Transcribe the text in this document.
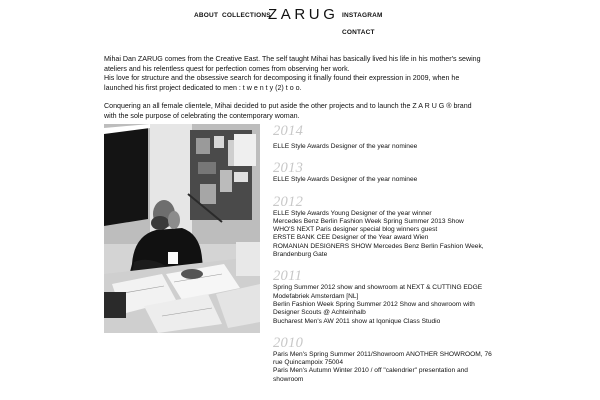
ABOUT COLLECTIONS
ZARUG INSTAGRAM
CONTACT

Mihai Dan ZARUG comes from the Creative East. The self taught Mihai has basically lived his life in his mother's sewing
ateliers and his relentless quest for perfection comes from observing her work.
His love for structure and the obsessive search for decomposing it finally found their expression in 2009, when he
launched his first project dedicated to men : t w e n t y (2) t o o.

Conquering an all female clientele, Mihai decided to put aside the other projects and to launch the Z A R U G ® brand
with the sole purpose of celebrating the contemporary woman.

2014
ELLE Style Awards Designer of the year nominee
2013
ELLE Style Awards Designer of the year nominee
2012
ELLE Style Awards Young Designer of the year winner
Mercedes Benz Berlin Fashion Week Spring Summer 2013 Show
WHO'S NEXT Paris designer special blog winners guest
ERSTE BANK CEE Designer of the Year award Wien
ROMANIAN DESIGNERS SHOW Mercedes Benz Berlin Fashion Week,
Brandenburg Gate
2011
Spring Summer 2012 show and showroom at NEXT & CUTTING EDGE
Modefabriek Amsterdam [NL]
Berlin Fashion Week Spring Summer 2012 Show and showroom with
Designer Scouts @ Achteinhalb
Bucharest Men's AW 2011 show at Iqonique Class Studio
2010
Paris Men's Spring Summer 2011/Showroom ANOTHER SHOWROOM, 76
rue Quincampoix 75004
Paris Men's Autumn Winter 2010 / off "calendrier" presentation and
showroom
